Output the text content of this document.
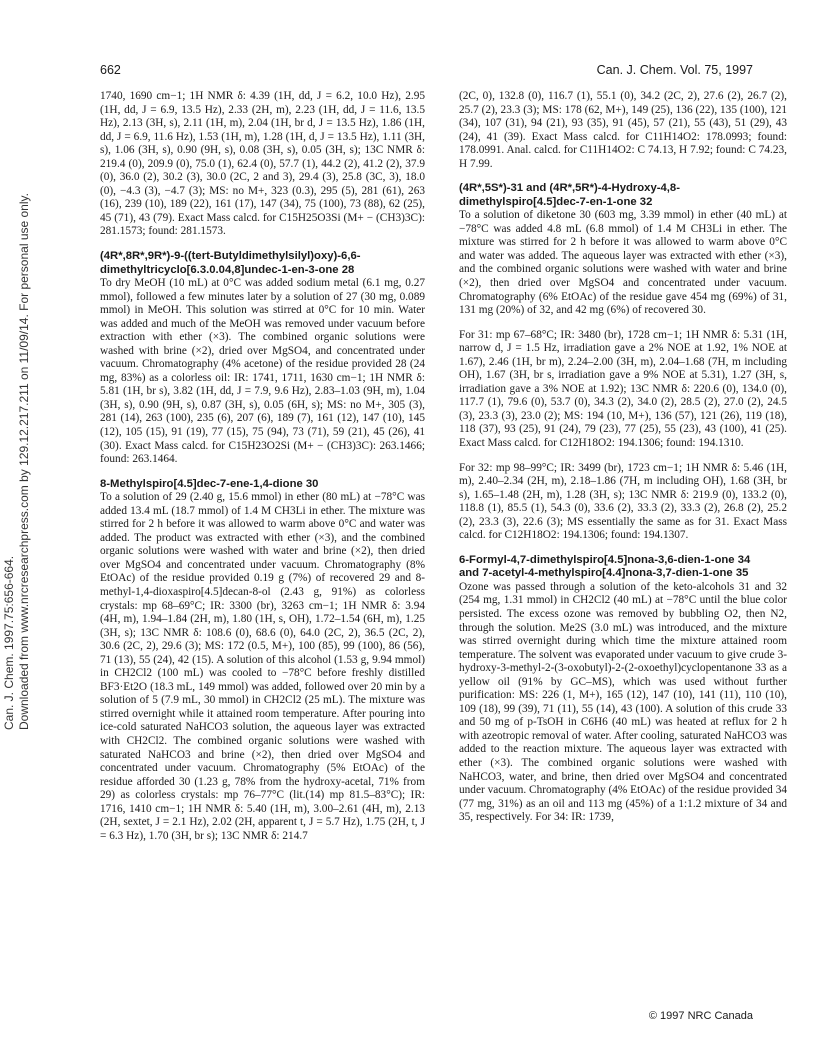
662	Can. J. Chem. Vol. 75, 1997
Can. J. Chem. 1997.75:656-664. Downloaded from www.nrcresearchpress.com by 129.12.217.211 on 11/09/14. For personal use only.

1740, 1690 cm−1; 1H NMR δ: 4.39 (1H, dd, J = 6.2, 10.0 Hz), 2.95 (1H, dd, J = 6.9, 13.5 Hz), 2.33 (2H, m), 2.23 (1H, dd, J = 11.6, 13.5 Hz), 2.13 (3H, s), 2.11 (1H, m), 2.04 (1H, br d, J = 13.5 Hz), 1.86 (1H, dd, J = 6.9, 11.6 Hz), 1.53 (1H, m), 1.28 (1H, d, J = 13.5 Hz), 1.11 (3H, s), 1.06 (3H, s), 0.90 (9H, s), 0.08 (3H, s), 0.05 (3H, s); 13C NMR δ: 219.4 (0), 209.9 (0), 75.0 (1), 62.4 (0), 57.7 (1), 44.2 (2), 41.2 (2), 37.9 (0), 36.0 (2), 30.2 (3), 30.0 (2C, 2 and 3), 29.4 (3), 25.8 (3C, 3), 18.0 (0), −4.3 (3), −4.7 (3); MS: no M+, 323 (0.3), 295 (5), 281 (61), 263 (16), 239 (10), 189 (22), 161 (17), 147 (34), 75 (100), 73 (88), 62 (25), 45 (71), 43 (79). Exact Mass calcd. for C15H25O3Si (M+ − (CH3)3C): 281.1573; found: 281.1573.

(4R*,8R*,9R*)-9-((tert-Butyldimethylsilyl)oxy)-6,6-
dimethyltricyclo[6.3.0.04,8]undec-1-en-3-one 28

To dry MeOH (10 mL) at 0°C was added sodium metal (6.1 mg, 0.27 mmol), followed a few minutes later by a solution of 27 (30 mg, 0.089 mmol) in MeOH. This solution was stirred at 0°C for 10 min. Water was added and much of the MeOH was removed under vacuum before extraction with ether (×3). The combined organic solutions were washed with brine (×2), dried over MgSO4, and concentrated under vacuum. Chromatography (4% acetone) of the residue provided 28 (24 mg, 83%) as a colorless oil: IR: 1741, 1711, 1630 cm−1; 1H NMR δ: 5.81 (1H, br s), 3.82 (1H, dd, J = 7.9, 9.6 Hz), 2.83–1.03 (9H, m), 1.04 (3H, s), 0.90 (9H, s), 0.87 (3H, s), 0.05 (6H, s); MS: no M+, 305 (3), 281 (14), 263 (100), 235 (6), 207 (6), 189 (7), 161 (12), 147 (10), 145 (12), 105 (15), 91 (19), 77 (15), 75 (94), 73 (71), 59 (21), 45 (26), 41 (30). Exact Mass calcd. for C15H23O2Si (M+ − (CH3)3C): 263.1466; found: 263.1464.

8-Methylspiro[4.5]dec-7-ene-1,4-dione 30

To a solution of 29 (2.40 g, 15.6 mmol) in ether (80 mL) at −78°C was added 13.4 mL (18.7 mmol) of 1.4 M CH3Li in ether. The mixture was stirred for 2 h before it was allowed to warm above 0°C and water was added. The product was extracted with ether (×3), and the combined organic solutions were washed with water and brine (×2), then dried over MgSO4 and concentrated under vacuum. Chromatography (8% EtOAc) of the residue provided 0.19 g (7%) of recovered 29 and 8-methyl-1,4-dioxaspiro[4.5]decan-8-ol (2.43 g, 91%) as colorless crystals: mp 68–69°C; IR: 3300 (br), 3263 cm−1; 1H NMR δ: 3.94 (4H, m), 1.94–1.84 (2H, m), 1.80 (1H, s, OH), 1.72–1.54 (6H, m), 1.25 (3H, s); 13C NMR δ: 108.6 (0), 68.6 (0), 64.0 (2C, 2), 36.5 (2C, 2), 30.6 (2C, 2), 29.6 (3); MS: 172 (0.5, M+), 100 (85), 99 (100), 86 (56), 71 (13), 55 (24), 42 (15). A solution of this alcohol (1.53 g, 9.94 mmol) in CH2Cl2 (100 mL) was cooled to −78°C before freshly distilled BF3·Et2O (18.3 mL, 149 mmol) was added, followed over 20 min by a solution of 5 (7.9 mL, 30 mmol) in CH2Cl2 (25 mL). The mixture was stirred overnight while it attained room temperature. After pouring into ice-cold saturated NaHCO3 solution, the aqueous layer was extracted with CH2Cl2. The combined organic solutions were washed with saturated NaHCO3 and brine (×2), then dried over MgSO4 and concentrated under vacuum. Chromatography (5% EtOAc) of the residue afforded 30 (1.23 g, 78% from the hydroxy-acetal, 71% from 29) as colorless crystals: mp 76–77°C (lit.(14) mp 81.5–83°C); IR: 1716, 1410 cm−1; 1H NMR δ: 5.40 (1H, m), 3.00–2.61 (4H, m), 2.13 (2H, sextet, J = 2.1 Hz), 2.02 (2H, apparent t, J = 5.7 Hz), 1.75 (2H, t, J = 6.3 Hz), 1.70 (3H, br s); 13C NMR δ: 214.7

(2C, 0), 132.8 (0), 116.7 (1), 55.1 (0), 34.2 (2C, 2), 27.6 (2), 26.7 (2), 25.7 (2), 23.3 (3); MS: 178 (62, M+), 149 (25), 136 (22), 135 (100), 121 (34), 107 (31), 94 (21), 93 (35), 91 (45), 57 (21), 55 (43), 51 (29), 43 (24), 41 (39). Exact Mass calcd. for C11H14O2: 178.0993; found: 178.0991. Anal. calcd. for C11H14O2: C 74.13, H 7.92; found: C 74.23, H 7.99.

(4R*,5S*)-31 and (4R*,5R*)-4-Hydroxy-4,8-
dimethylspiro[4.5]dec-7-en-1-one 32

To a solution of diketone 30 (603 mg, 3.39 mmol) in ether (40 mL) at −78°C was added 4.8 mL (6.8 mmol) of 1.4 M CH3Li in ether. The mixture was stirred for 2 h before it was allowed to warm above 0°C and water was added. The aqueous layer was extracted with ether (×3), and the combined organic solutions were washed with water and brine (×2), then dried over MgSO4 and concentrated under vacuum. Chromatography (6% EtOAc) of the residue gave 454 mg (69%) of 31, 131 mg (20%) of 32, and 42 mg (6%) of recovered 30.

For 31: mp 67–68°C; IR: 3480 (br), 1728 cm−1; 1H NMR δ: 5.31 (1H, narrow d, J = 1.5 Hz, irradiation gave a 2% NOE at 1.92, 1% NOE at 1.67), 2.46 (1H, br m), 2.24–2.00 (3H, m), 2.04–1.68 (7H, m including OH), 1.67 (3H, br s, irradiation gave a 9% NOE at 5.31), 1.27 (3H, s, irradiation gave a 3% NOE at 1.92); 13C NMR δ: 220.6 (0), 134.0 (0), 117.7 (1), 79.6 (0), 53.7 (0), 34.3 (2), 34.0 (2), 28.5 (2), 27.0 (2), 24.5 (3), 23.3 (3), 23.0 (2); MS: 194 (10, M+), 136 (57), 121 (26), 119 (18), 118 (37), 93 (25), 91 (24), 79 (23), 77 (25), 55 (23), 43 (100), 41 (25). Exact Mass calcd. for C12H18O2: 194.1306; found: 194.1310.

For 32: mp 98–99°C; IR: 3499 (br), 1723 cm−1; 1H NMR δ: 5.46 (1H, m), 2.40–2.34 (2H, m), 2.18–1.86 (7H, m including OH), 1.68 (3H, br s), 1.65–1.48 (2H, m), 1.28 (3H, s); 13C NMR δ: 219.9 (0), 133.2 (0), 118.8 (1), 85.5 (1), 54.3 (0), 33.6 (2), 33.3 (2), 33.3 (2), 26.8 (2), 25.2 (2), 23.3 (3), 22.6 (3); MS essentially the same as for 31. Exact Mass calcd. for C12H18O2: 194.1306; found: 194.1307.

6-Formyl-4,7-dimethylspiro[4.5]nona-3,6-dien-1-one 34
and 7-acetyl-4-methylspiro[4.4]nona-3,7-dien-1-one 35

Ozone was passed through a solution of the keto-alcohols 31 and 32 (254 mg, 1.31 mmol) in CH2Cl2 (40 mL) at −78°C until the blue color persisted. The excess ozone was removed by bubbling O2, then N2, through the solution. Me2S (3.0 mL) was introduced, and the mixture was stirred overnight during which time the mixture attained room temperature. The solvent was evaporated under vacuum to give crude 3-hydroxy-3-methyl-2-(3-oxobutyl)-2-(2-oxoethyl)cyclopentanone 33 as a yellow oil (91% by GC–MS), which was used without further purification: MS: 226 (1, M+), 165 (12), 147 (10), 141 (11), 110 (10), 109 (18), 99 (39), 71 (11), 55 (14), 43 (100). A solution of this crude 33 and 50 mg of p-TsOH in C6H6 (40 mL) was heated at reflux for 2 h with azeotropic removal of water. After cooling, saturated NaHCO3 was added to the reaction mixture. The aqueous layer was extracted with ether (×3). The combined organic solutions were washed with NaHCO3, water, and brine, then dried over MgSO4 and concentrated under vacuum. Chromatography (4% EtOAc) of the residue provided 34 (77 mg, 31%) as an oil and 113 mg (45%) of a 1:1.2 mixture of 34 and 35, respectively. For 34: IR: 1739,

© 1997 NRC Canada
